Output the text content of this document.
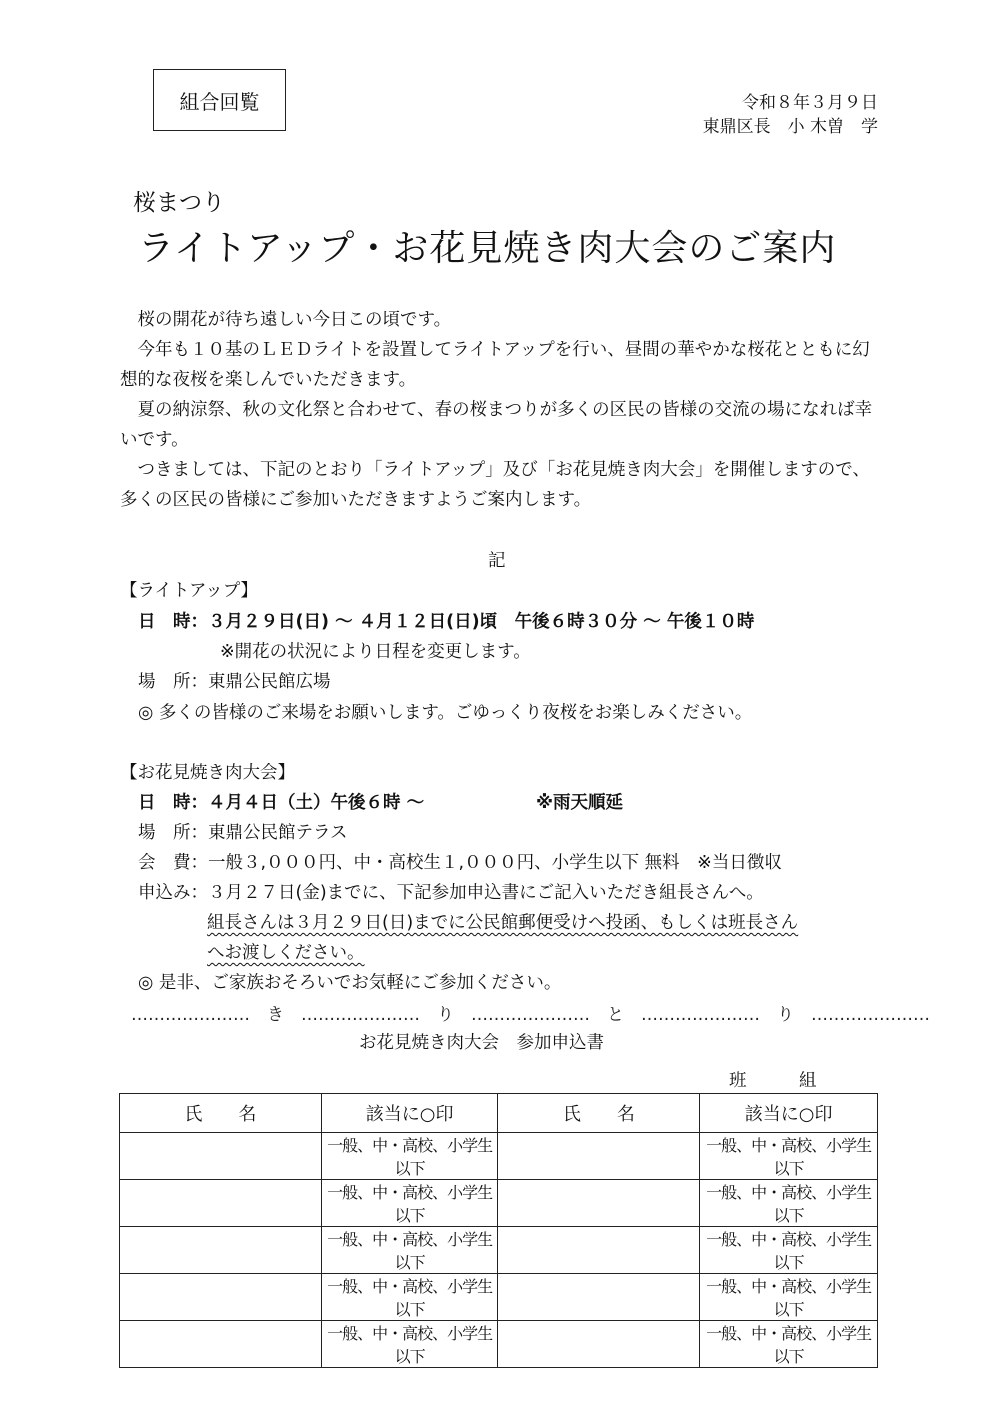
組合回覧	令和８年３月９日
東鼎区長　小 木曽　学
桜まつり
ライトアップ・お花見焼き肉大会のご案内

　桜の開花が待ち遠しい今日この頃です。

　今年も１０基のＬＥＤライトを設置してライトアップを行い、昼間の華やかな桜花とともに幻想的な夜桜を楽しんでいただきます。

　夏の納涼祭、秋の文化祭と合わせて、春の桜まつりが多くの区民の皆様の交流の場になれば幸いです。

　つきましては、下記のとおり「ライトアップ」及び「お花見焼き肉大会」を開催しますので、多くの区民の皆様にご参加いただきますようご案内します。

記
【ライトアップ】
日　時：３月２９日(日) ～ ４月１２日(日)頃　午後６時３０分 ～ 午後１０時
※開花の状況により日程を変更します。
場　所：東鼎公民館広場
◎ 多くの皆様のご来場をお願いします。ごゆっくり夜桜をお楽しみください。
【お花見焼き肉大会】
日　時：４月４日（土）午後６時 ～	※雨天順延
場　所：東鼎公民館テラス
会　費：一般３,０００円、中・高校生１,０００円、小学生以下 無料　※当日徴収
申込み：３月２７日(金)までに、下記参加申込書にご記入いただき組長さんへ。
組長さんは３月２９日(日)までに公民館郵便受けへ投函、もしくは班長さん
へお渡しください。
◎ 是非、ご家族おそろいでお気軽にご参加ください。
…………………　き　…………………　り　…………………　と　…………………　り　…………………
お花見焼き肉大会　参加申込書
班　　　組
氏　　名	該当に○印	氏　　名	該当に○印
	一般、中・高校、小学生以下		一般、中・高校、小学生以下
	一般、中・高校、小学生以下		一般、中・高校、小学生以下
	一般、中・高校、小学生以下		一般、中・高校、小学生以下
	一般、中・高校、小学生以下		一般、中・高校、小学生以下
	一般、中・高校、小学生以下		一般、中・高校、小学生以下
